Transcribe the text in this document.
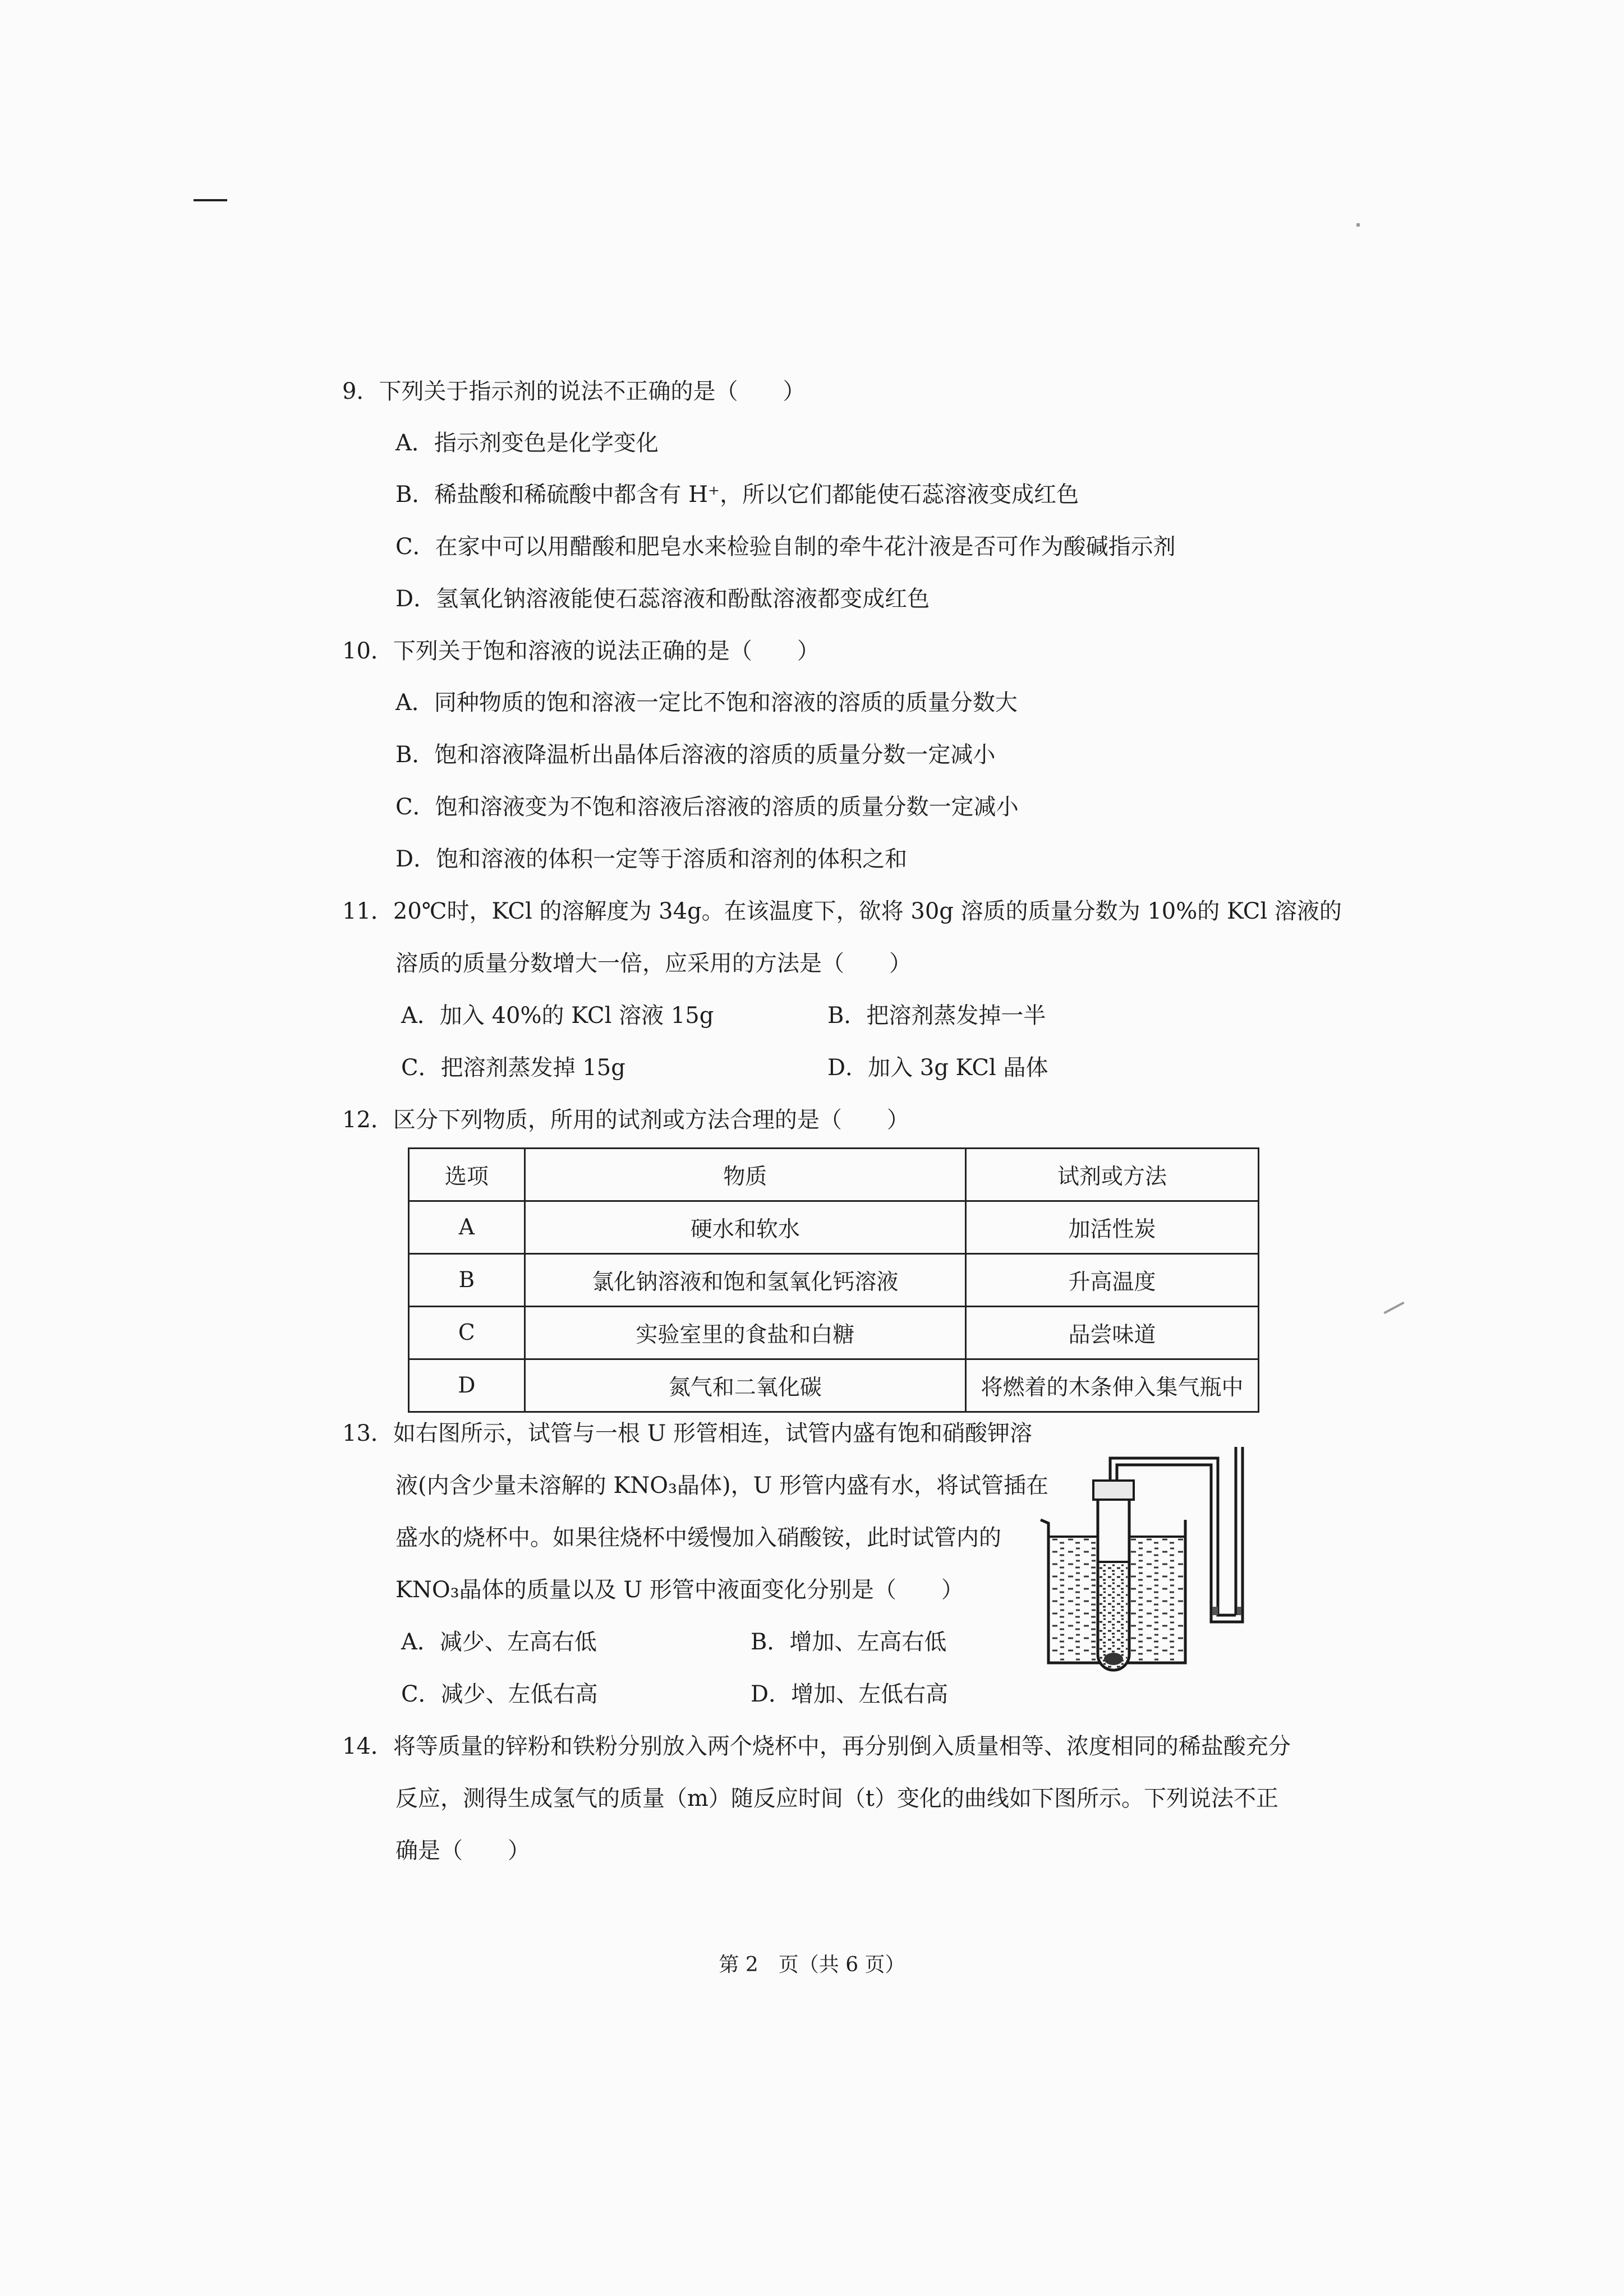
9．下列关于指示剂的说法不正确的是（　　）
A．指示剂变色是化学变化
B．稀盐酸和稀硫酸中都含有 H⁺，所以它们都能使石蕊溶液变成红色
C．在家中可以用醋酸和肥皂水来检验自制的牵牛花汁液是否可作为酸碱指示剂
D．氢氧化钠溶液能使石蕊溶液和酚酞溶液都变成红色
10．下列关于饱和溶液的说法正确的是（　　）
A．同种物质的饱和溶液一定比不饱和溶液的溶质的质量分数大
B．饱和溶液降温析出晶体后溶液的溶质的质量分数一定减小
C．饱和溶液变为不饱和溶液后溶液的溶质的质量分数一定减小
D．饱和溶液的体积一定等于溶质和溶剂的体积之和
11．20℃时，KCl 的溶解度为 34g。在该温度下，欲将 30g 溶质的质量分数为 10%的 KCl 溶液的
溶质的质量分数增大一倍，应采用的方法是（　　）
A．加入 40%的 KCl 溶液 15g	B．把溶剂蒸发掉一半
C．把溶剂蒸发掉 15g	D．加入 3g KCl 晶体
12．区分下列物质，所用的试剂或方法合理的是（　　）
选项	物质	试剂或方法
A	硬水和软水	加活性炭
B	氯化钠溶液和饱和氢氧化钙溶液	升高温度
C	实验室里的食盐和白糖	品尝味道
D	氮气和二氧化碳	将燃着的木条伸入集气瓶中
13．如右图所示，试管与一根 U 形管相连，试管内盛有饱和硝酸钾溶
液(内含少量未溶解的 KNO₃晶体)，U 形管内盛有水，将试管插在
盛水的烧杯中。如果往烧杯中缓慢加入硝酸铵，此时试管内的
KNO₃晶体的质量以及 U 形管中液面变化分别是（　　）
A．减少、左高右低	B．增加、左高右低
C．减少、左低右高	D．增加、左低右高
14．将等质量的锌粉和铁粉分别放入两个烧杯中，再分别倒入质量相等、浓度相同的稀盐酸充分
反应，测得生成氢气的质量（m）随反应时间（t）变化的曲线如下图所示。下列说法不正
确是（　　）
第 2　页（共 6 页）
